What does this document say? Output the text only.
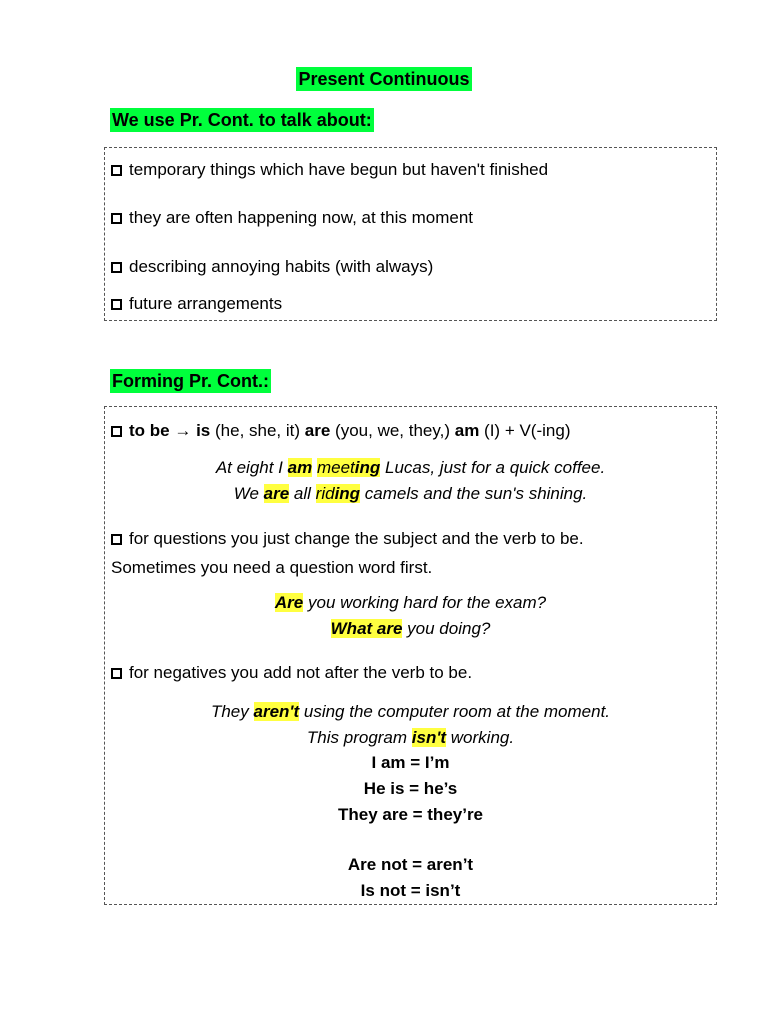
Present Continuous
We use Pr. Cont. to talk about:
temporary things which have begun but haven't finished
they are often happening now, at this moment
describing annoying habits (with always)
future arrangements
Forming Pr. Cont.:
to be → is (he, she, it) are (you, we, they,) am (I) + V(-ing)
At eight I am meeting Lucas, just for a quick coffee.
We are all riding camels and the sun's shining.
for questions you just change the subject and the verb to be.
Sometimes you need a question word first.
Are you working hard for the exam?
What are you doing?
for negatives you add not after the verb to be.
They aren't using the computer room at the moment.
This program isn't working.
I am = I’m
He is = he’s
They are = they’re
Are not = aren’t
Is not = isn’t
